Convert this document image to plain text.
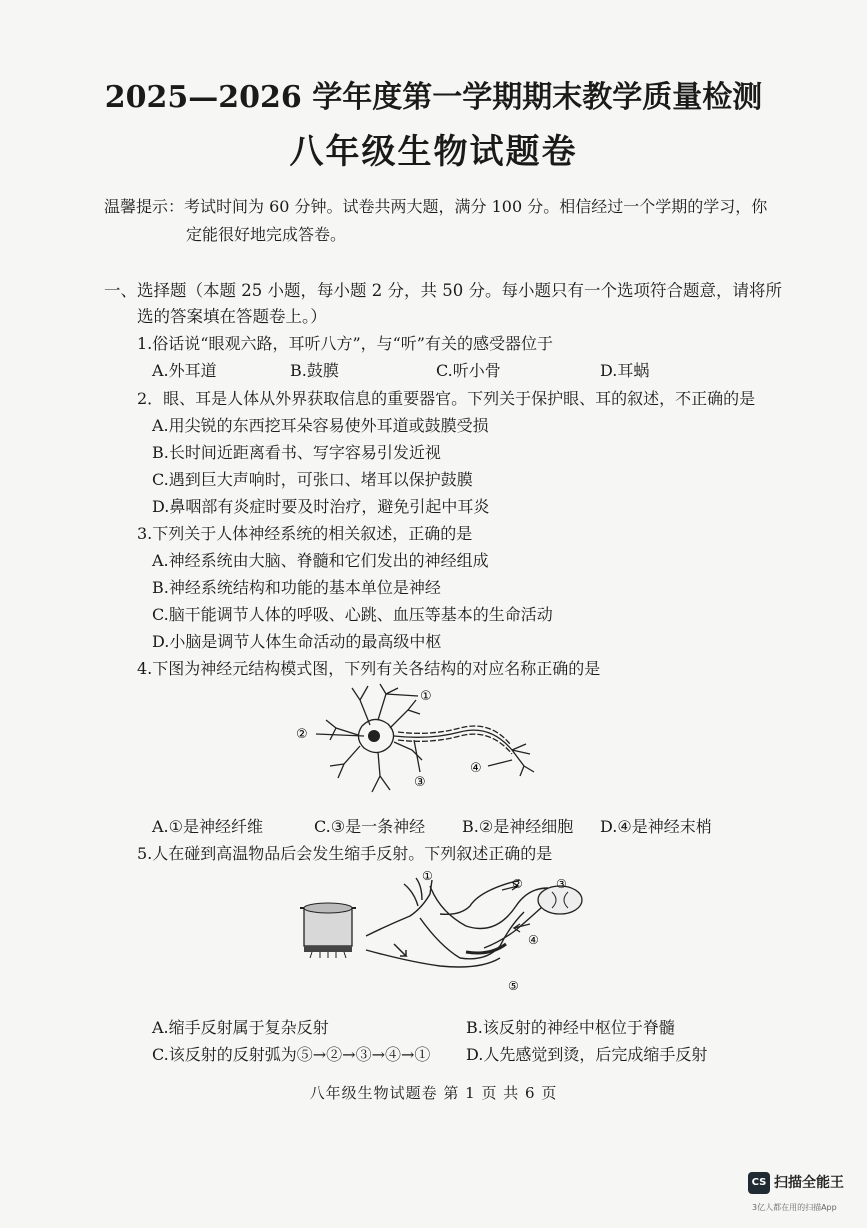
2025—2026 学年度第一学期期末教学质量检测
八年级生物试题卷
温馨提示：考试时间为 60 分钟。试卷共两大题，满分 100 分。相信经过一个学期的学习，你
定能很好地完成答卷。
一、选择题（本题 25 小题，每小题 2 分，共 50 分。每小题只有一个选项符合题意，请将所
选的答案填在答题卷上。）
1.俗话说“眼观六路，耳听八方”，与“听”有关的感受器位于
A.外耳道	B.鼓膜	C.听小骨	D.耳蜗
2．眼、耳是人体从外界获取信息的重要器官。下列关于保护眼、耳的叙述，不正确的是
A.用尖锐的东西挖耳朵容易使外耳道或鼓膜受损
B.长时间近距离看书、写字容易引发近视
C.遇到巨大声响时，可张口、堵耳以保护鼓膜
D.鼻咽部有炎症时要及时治疗，避免引起中耳炎
3.下列关于人体神经系统的相关叙述，正确的是
A.神经系统由大脑、脊髓和它们发出的神经组成
B.神经系统结构和功能的基本单位是神经
C.脑干能调节人体的呼吸、心跳、血压等基本的生命活动
D.小脑是调节人体生命活动的最高级中枢
4.下图为神经元结构模式图，下列有关各结构的对应名称正确的是
①
②
③
④
A.①是神经纤维	C.③是一条神经 B.②是神经细胞 D.④是神经末梢
5.人在碰到高温物品后会发生缩手反射。下列叙述正确的是
①
②	③
④
⑤
A.缩手反射属于复杂反射	B.该反射的神经中枢位于脊髓
C.该反射的反射弧为⑤→②→③→④→① D.人先感觉到烫，后完成缩手反射
八年级生物试题卷 第 1 页 共 6 页
CS 扫描全能王
3亿人都在用的扫描App
